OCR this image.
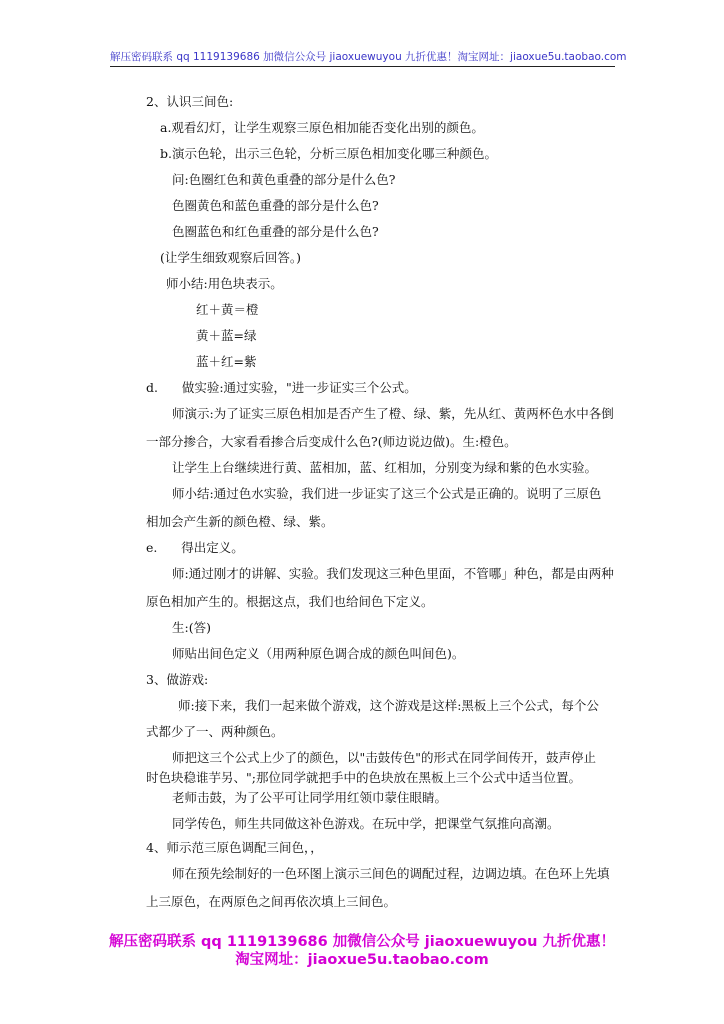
解压密码联系 qq 1119139686 加微信公众号 jiaoxuewuyou 九折优惠！淘宝网址：jiaoxue5u.taobao.com
2、认识三间色:
a.观看幻灯，让学生观察三原色相加能否变化出别的颜色。
b.演示色轮，出示三色轮，分析三原色相加变化哪三种颜色。
问:色圈红色和黄色重叠的部分是什么色?
色圈黄色和蓝色重叠的部分是什么色?
色圈蓝色和红色重叠的部分是什么色?
(让学生细致观察后回答。)
师小结:用色块表示。
红＋黄＝橙
黄＋蓝=绿
蓝＋红=紫
d.      做实验:通过实验，"进一步证实三个公式。
师演示:为了证实三原色相加是否产生了橙、绿、紫，先从红、黄两杯色水中各倒
一部分掺合，大家看看掺合后变成什么色?(师边说边做)。生:橙色。
让学生上台继续进行黄、蓝相加，蓝、红相加，分别变为绿和紫的色水实验。
师小结:通过色水实验，我们进一步证实了这三个公式是正确的。说明了三原色
相加会产生新的颜色橙、绿、紫。
e.      得出定义。
师:通过刚才的讲解、实验。我们发现这三种色里面，不管哪」种色，都是由两种
原色相加产生的。根据这点，我们也给间色下定义。
生:(答)
师贴出间色定义（用两种原色调合成的颜色叫间色)。
3、做游戏:
师:接下来，我们一起来做个游戏，这个游戏是这样:黑板上三个公式，每个公
式都少了一、两种颜色。
师把这三个公式上少了的颜色，以"击鼓传色"的形式在同学间传开，鼓声停止
时色块稳谁芋另、";那位同学就把手中的色块放在黑板上三个公式中适当位置。
老师击鼓，为了公平可让同学用红领巾蒙住眼睛。
同学传色，师生共同做这补色游戏。在玩中学，把课堂气氛推向高潮。
4、师示范三原色调配三间色，，
师在预先绘制好的一色环图上演示三间色的调配过程，边调边填。在色环上先填
上三原色，在两原色之间再依次填上三间色。
解压密码联系 qq 1119139686 加微信公众号 jiaoxuewuyou 九折优惠！
淘宝网址：jiaoxue5u.taobao.com
